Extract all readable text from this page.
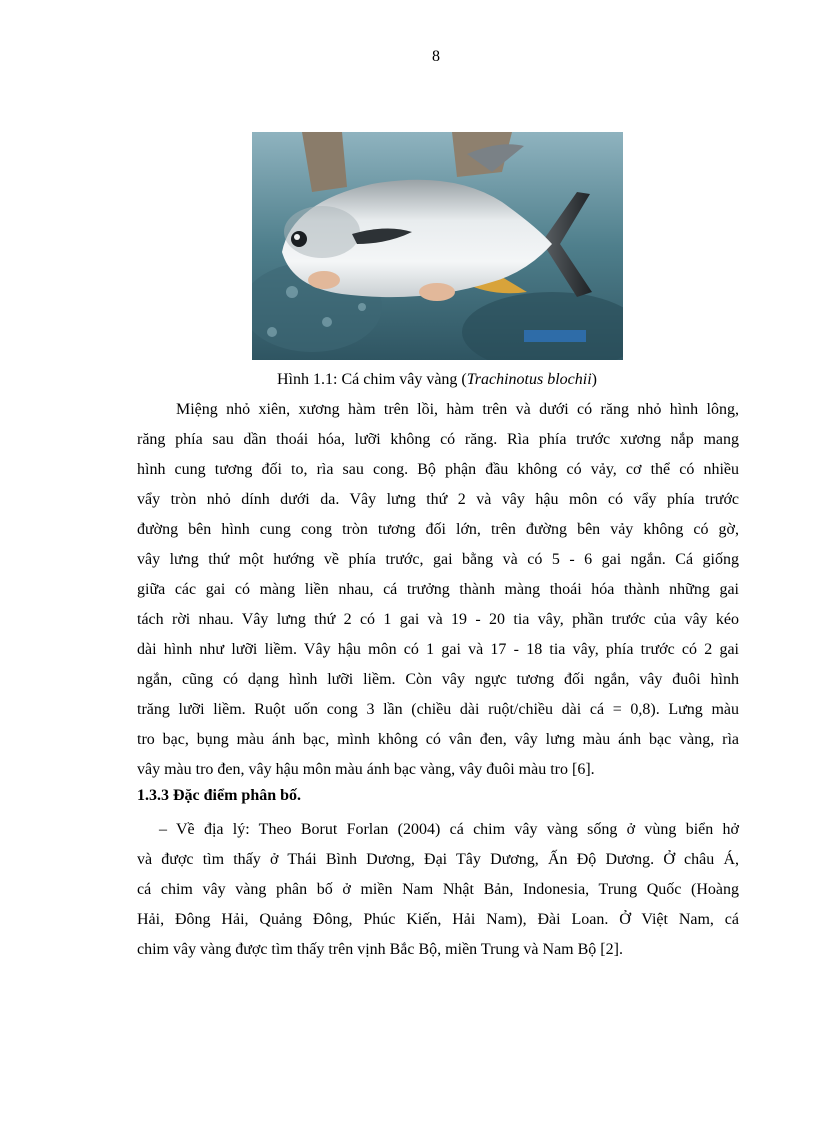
8
Hình 1.1: Cá chim vây vàng (Trachinotus blochii)
Miệng nhỏ xiên, xương hàm trên lồi, hàm trên và dưới có răng nhỏ hình lông,
răng phía sau dần thoái hóa, lưỡi không có răng. Rìa phía trước xương nắp mang
hình cung tương đối to, rìa sau cong. Bộ phận đầu không có vảy, cơ thể có nhiều
vẩy tròn nhỏ dính dưới da. Vây lưng thứ 2 và vây hậu môn có vẩy phía trước
đường bên hình cung cong tròn tương đối lớn, trên đường bên vảy không có gờ,
vây lưng thứ một hướng về phía trước, gai bằng và có 5 - 6 gai ngắn. Cá giống
giữa các gai có màng liền nhau, cá trưởng thành màng thoái hóa thành những gai
tách rời nhau. Vây lưng thứ 2 có 1 gai và 19 - 20 tia vây, phần trước của vây kéo
dài hình như lưỡi liềm. Vây hậu môn có 1 gai và 17 - 18 tia vây, phía trước có 2 gai
ngắn, cũng có dạng hình lưỡi liềm. Còn vây ngực tương đối ngắn, vây đuôi hình
trăng lưỡi liềm. Ruột uốn cong 3 lần (chiều dài ruột/chiều dài cá = 0,8). Lưng màu
tro bạc, bụng màu ánh bạc, mình không có vân đen, vây lưng màu ánh bạc vàng, rìa
vây màu tro đen, vây hậu môn màu ánh bạc vàng, vây đuôi màu tro [6].
1.3.3 Đặc điểm phân bố.
– Về địa lý: Theo Borut Forlan (2004) cá chim vây vàng sống ở vùng biển hở
và được tìm thấy ở Thái Bình Dương, Đại Tây Dương, Ấn Độ Dương. Ở châu Á,
cá chim vây vàng phân bố ở miền Nam Nhật Bản, Indonesia, Trung Quốc (Hoàng
Hải, Đông Hải, Quảng Đông, Phúc Kiến, Hải Nam), Đài Loan. Ở Việt Nam, cá
chim vây vàng được tìm thấy trên vịnh Bắc Bộ, miền Trung và Nam Bộ [2].
